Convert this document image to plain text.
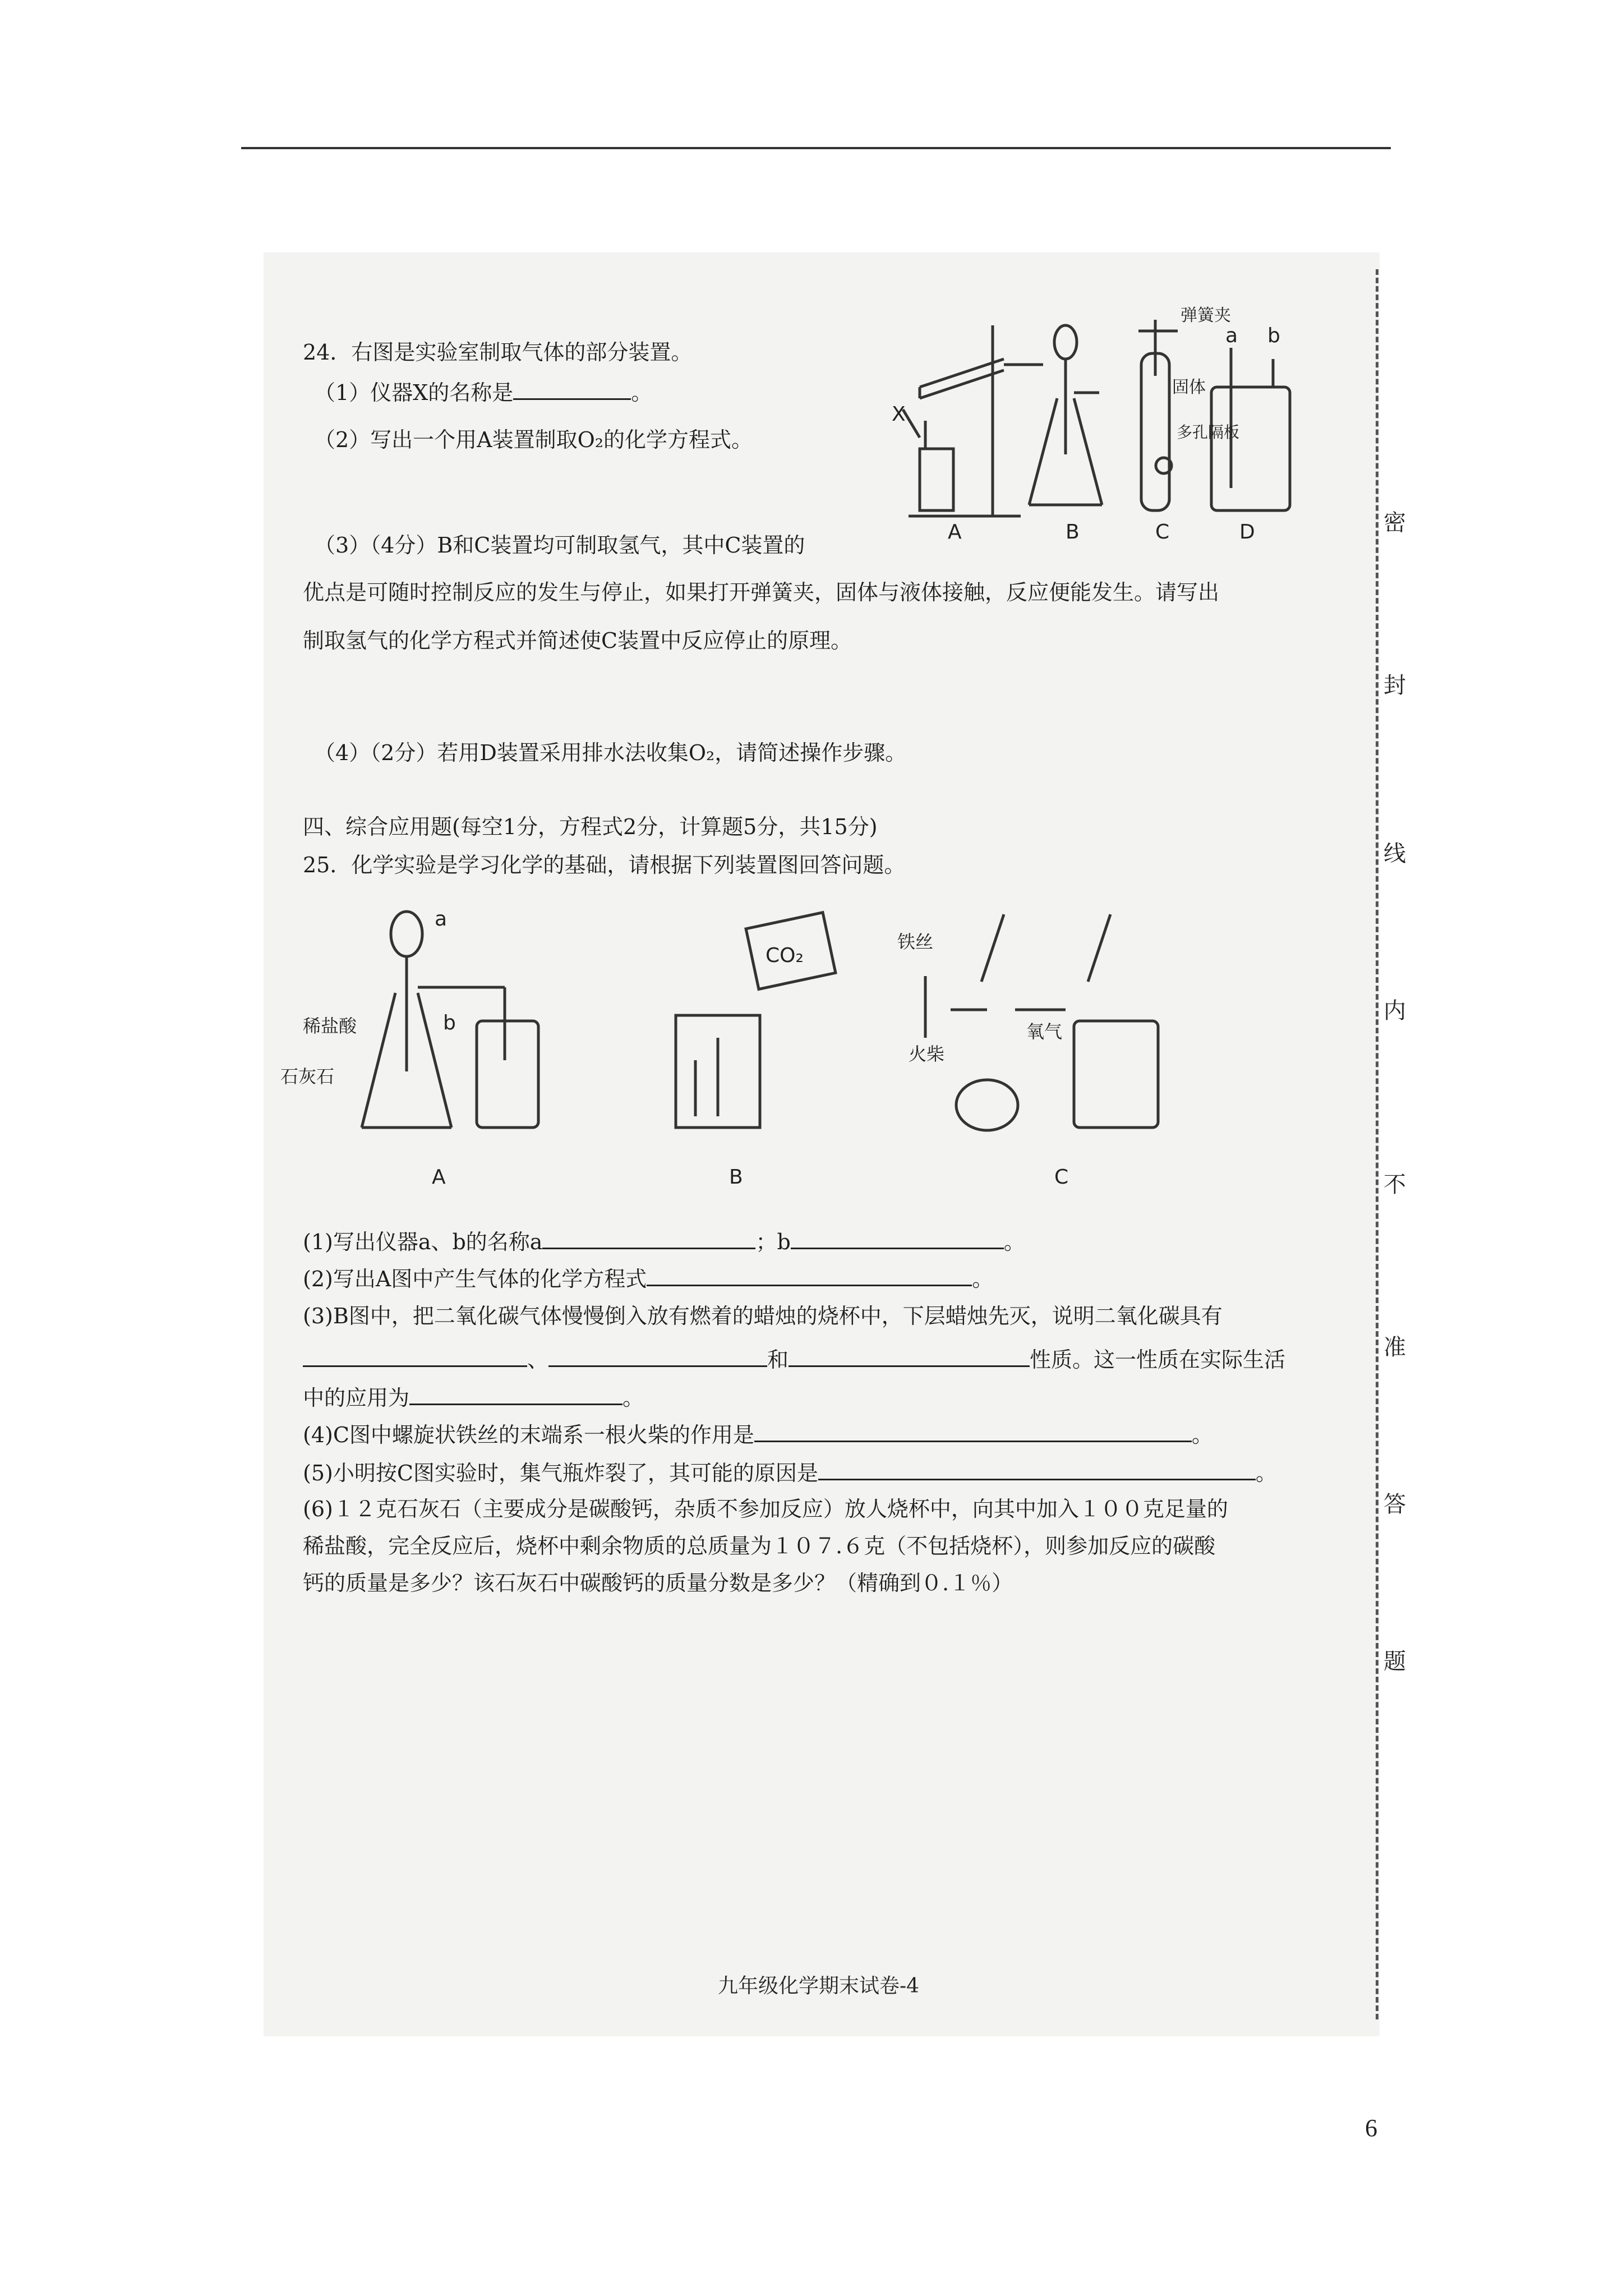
密
封
线
内
不
准
答
题
24．右图是实验室制取气体的部分装置。
（1）仪器X的名称是	。
（2）写出一个用A装置制取O₂的化学方程式。
（3）（4分）B和C装置均可制取氢气，其中C装置的
优点是可随时控制反应的发生与停止，如果打开弹簧夹，固体与液体接触，反应便能发生。请写出
制取氢气的化学方程式并简述使C装置中反应停止的原理。
（4）（2分）若用D装置采用排水法收集O₂，请简述操作步骤。
A	B	C	D
X
弹簧夹
固体
多孔隔板
a b
四、综合应用题(每空1分，方程式2分，计算题5分，共15分)
25．化学实验是学习化学的基础，请根据下列装置图回答问题。
A	B	C
a
b
稀盐酸
石灰石
CO₂
铁丝
火柴
氧气
(1)写出仪器a、b的名称a	；b	。
(2)写出A图中产生气体的化学方程式	。
(3)B图中，把二氧化碳气体慢慢倒入放有燃着的蜡烛的烧杯中，下层蜡烛先灭，说明二氧化碳具有
、	和	性质。这一性质在实际生活
中的应用为	。
(4)C图中螺旋状铁丝的末端系一根火柴的作用是	。
(5)小明按C图实验时，集气瓶炸裂了，其可能的原因是	。
(6)１２克石灰石（主要成分是碳酸钙，杂质不参加反应）放人烧杯中，向其中加入１００克足量的
稀盐酸，完全反应后，烧杯中剩余物质的总质量为１０７.６克（不包括烧杯），则参加反应的碳酸
钙的质量是多少？该石灰石中碳酸钙的质量分数是多少？（精确到０.１％）
九年级化学期末试卷-4
6
